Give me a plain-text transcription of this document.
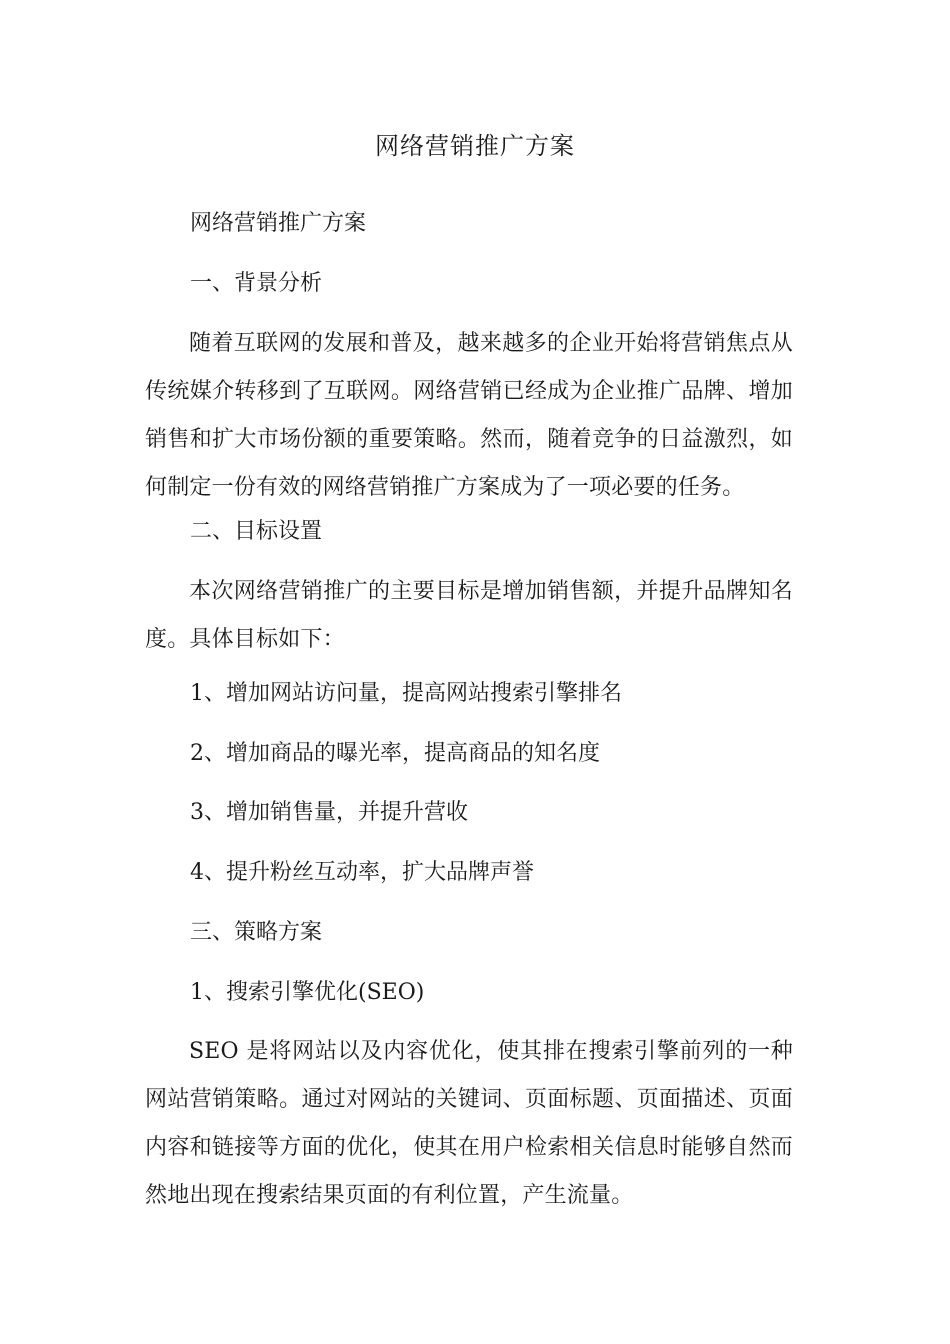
网络营销推广方案
网络营销推广方案
一、背景分析
随着互联网的发展和普及，越来越多的企业开始将营销焦点从传统媒介转移到了互联网。网络营销已经成为企业推广品牌、增加销售和扩大市场份额的重要策略。然而，随着竞争的日益激烈，如何制定一份有效的网络营销推广方案成为了一项必要的任务。
二、目标设置
本次网络营销推广的主要目标是增加销售额，并提升品牌知名度。具体目标如下：
1、增加网站访问量，提高网站搜索引擎排名
2、增加商品的曝光率，提高商品的知名度
3、增加销售量，并提升营收
4、提升粉丝互动率，扩大品牌声誉
三、策略方案
1、搜索引擎优化(SEO)
SEO 是将网站以及内容优化，使其排在搜索引擎前列的一种网站营销策略。通过对网站的关键词、页面标题、页面描述、页面内容和链接等方面的优化，使其在用户检索相关信息时能够自然而然地出现在搜索结果页面的有利位置，产生流量。
